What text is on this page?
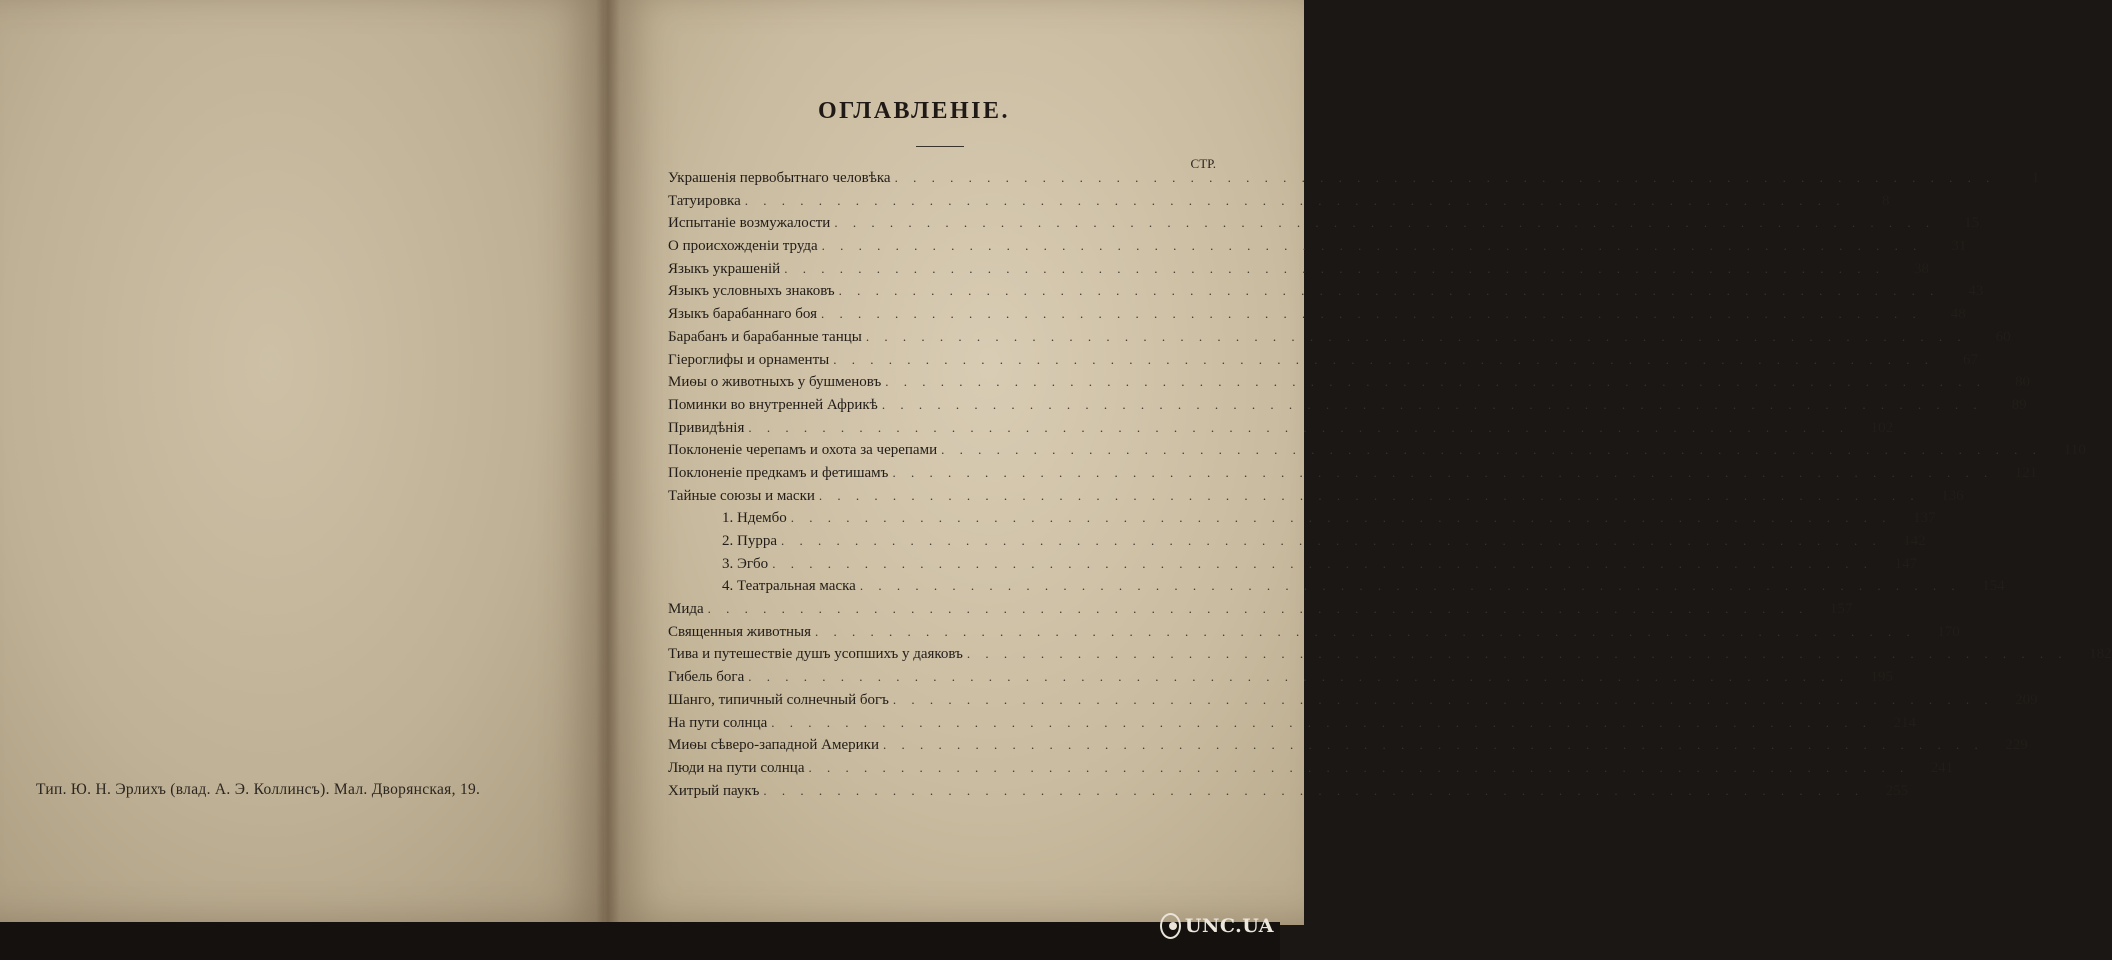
Тип. Ю. Н. Эрлихъ (влад. А. Э. Коллинсъ). Мал. Дворянская, 19.
ОГЛАВЛЕНIЕ.
СТР.
Украшенія первобытнаго человѣка . . . . . . . . . . . . . . . . . . . . . . . . . . . . . . . . . . . . . . . . . . . . . . . . . . . . . . . . . . . .	1
Татуировка . . . . . . . . . . . . . . . . . . . . . . . . . . . . . . . . . . . . . . . . . . . . . . . . . . . . . . . . . . . .	8
Испытаніе возмужалости . . . . . . . . . . . . . . . . . . . . . . . . . . . . . . . . . . . . . . . . . . . . . . . . . . . . . . . . . . . .	15
О происхожденіи труда . . . . . . . . . . . . . . . . . . . . . . . . . . . . . . . . . . . . . . . . . . . . . . . . . . . . . . . . . . . .	31
Языкъ украшеній . . . . . . . . . . . . . . . . . . . . . . . . . . . . . . . . . . . . . . . . . . . . . . . . . . . . . . . . . . . .	38
Языкъ условныхъ знаковъ . . . . . . . . . . . . . . . . . . . . . . . . . . . . . . . . . . . . . . . . . . . . . . . . . . . . . . . . . . . .	43
Языкъ барабаннаго боя . . . . . . . . . . . . . . . . . . . . . . . . . . . . . . . . . . . . . . . . . . . . . . . . . . . . . . . . . . . .	48
Барабанъ и барабанные танцы . . . . . . . . . . . . . . . . . . . . . . . . . . . . . . . . . . . . . . . . . . . . . . . . . . . . . . . . . . . .	60
Гіероглифы и орнаменты . . . . . . . . . . . . . . . . . . . . . . . . . . . . . . . . . . . . . . . . . . . . . . . . . . . . . . . . . . . .	67
Миѳы о животныхъ у бушменовъ . . . . . . . . . . . . . . . . . . . . . . . . . . . . . . . . . . . . . . . . . . . . . . . . . . . . . . . . . . . .	80
Поминки во внутренней Африкѣ . . . . . . . . . . . . . . . . . . . . . . . . . . . . . . . . . . . . . . . . . . . . . . . . . . . . . . . . . . . .	89
Привидѣнія . . . . . . . . . . . . . . . . . . . . . . . . . . . . . . . . . . . . . . . . . . . . . . . . . . . . . . . . . . . .	102
Поклоненіе черепамъ и охота за черепами . . . . . . . . . . . . . . . . . . . . . . . . . . . . . . . . . . . . . . . . . . . . . . . . . . . . . . . . . . . .	110
Поклоненіе предкамъ и фетишамъ . . . . . . . . . . . . . . . . . . . . . . . . . . . . . . . . . . . . . . . . . . . . . . . . . . . . . . . . . . . .	121
Тайные союзы и маски . . . . . . . . . . . . . . . . . . . . . . . . . . . . . . . . . . . . . . . . . . . . . . . . . . . . . . . . . . . .	136
1. Ндембо . . . . . . . . . . . . . . . . . . . . . . . . . . . . . . . . . . . . . . . . . . . . . . . . . . . . . . . . . . . .	137
2. Пурра . . . . . . . . . . . . . . . . . . . . . . . . . . . . . . . . . . . . . . . . . . . . . . . . . . . . . . . . . . . .	142
3. Эгбо . . . . . . . . . . . . . . . . . . . . . . . . . . . . . . . . . . . . . . . . . . . . . . . . . . . . . . . . . . . .	147
4. Театральная маска . . . . . . . . . . . . . . . . . . . . . . . . . . . . . . . . . . . . . . . . . . . . . . . . . . . . . . . . . . . .	154
Мида . . . . . . . . . . . . . . . . . . . . . . . . . . . . . . . . . . . . . . . . . . . . . . . . . . . . . . . . . . . .	157
Священныя животныя . . . . . . . . . . . . . . . . . . . . . . . . . . . . . . . . . . . . . . . . . . . . . . . . . . . . . . . . . . . .	170
Тива и путешествіе душъ усопшихъ у даяковъ . . . . . . . . . . . . . . . . . . . . . . . . . . . . . . . . . . . . . . . . . . . . . . . . . . . . . . . . . . . .	182
Гибель бога . . . . . . . . . . . . . . . . . . . . . . . . . . . . . . . . . . . . . . . . . . . . . . . . . . . . . . . . . . . .	195
Шанго, типичный солнечный богъ . . . . . . . . . . . . . . . . . . . . . . . . . . . . . . . . . . . . . . . . . . . . . . . . . . . . . . . . . . . .	209
На пути солнца . . . . . . . . . . . . . . . . . . . . . . . . . . . . . . . . . . . . . . . . . . . . . . . . . . . . . . . . . . . .	214
Миѳы сѣверо-западной Америки . . . . . . . . . . . . . . . . . . . . . . . . . . . . . . . . . . . . . . . . . . . . . . . . . . . . . . . . . . . .	229
Люди на пути солнца . . . . . . . . . . . . . . . . . . . . . . . . . . . . . . . . . . . . . . . . . . . . . . . . . . . . . . . . . . . .	241
Хитрый паукъ . . . . . . . . . . . . . . . . . . . . . . . . . . . . . . . . . . . . . . . . . . . . . . . . . . . . . . . . . . . .	255
UNC.UA
